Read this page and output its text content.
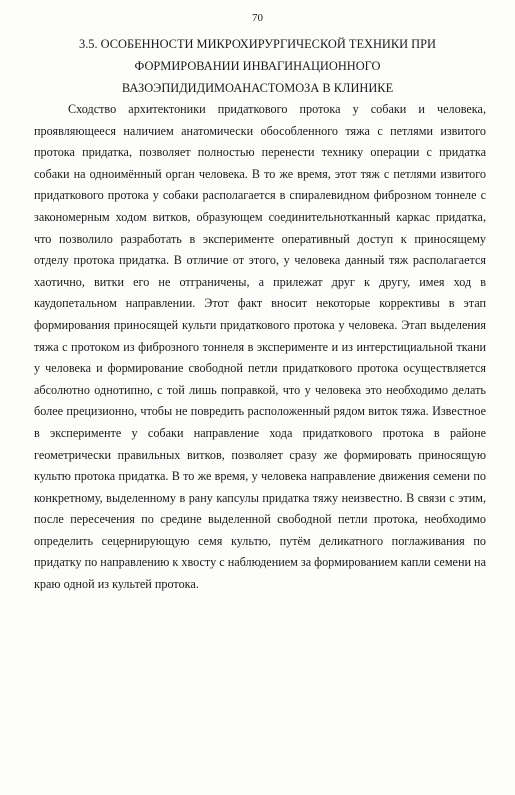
70
3.5. ОСОБЕННОСТИ МИКРОХИРУРГИЧЕСКОЙ ТЕХНИКИ ПРИ
ФОРМИРОВАНИИ ИНВАГИНАЦИОННОГО
ВАЗОЭПИДИДИМОАНАСТОМОЗА В КЛИНИКЕ

Сходство архитектоники придаткового протока у собаки и человека, проявляющееся наличием анатомически обособленного тяжа с петлями извитого протока придатка, позволяет полностью перенести технику операции с придатка собаки на одноимённый орган человека. В то же время, этот тяж с петлями извитого придаткового протока у собаки располагается в спиралевидном фиброзном тоннеле с закономерным ходом витков, образующем соединительнотканный каркас придатка, что позволило разработать в эксперименте оперативный доступ к приносящему отделу протока придатка. В отличие от этого, у человека данный тяж располагается хаотично, витки его не отграничены, а прилежат друг к другу, имея ход в каудопетальном направлении. Этот факт вносит некоторые коррективы в этап формирования приносящей культи придаткового протока у человека. Этап выделения тяжа с протоком из фиброзного тоннеля в эксперименте и из интерстициальной ткани у человека и формирование свободной петли придаткового протока осуществляется абсолютно однотипно, с той лишь поправкой, что у человека это необходимо делать более прецизионно, чтобы не повредить расположенный рядом виток тяжа. Известное в эксперименте у собаки направление хода придаткового протока в районе геометрически правильных витков, позволяет сразу же формировать приносящую культю протока придатка. В то же время, у человека направление движения семени по конкретному, выделенному в рану капсулы придатка тяжу неизвестно. В связи с этим, после пересечения по средине выделенной свободной петли протока, необходимо определить сецернирующую семя культю, путём деликатного поглаживания по придатку по направлению к хвосту с наблюдением за формированием капли семени на краю одной из культей протока.
